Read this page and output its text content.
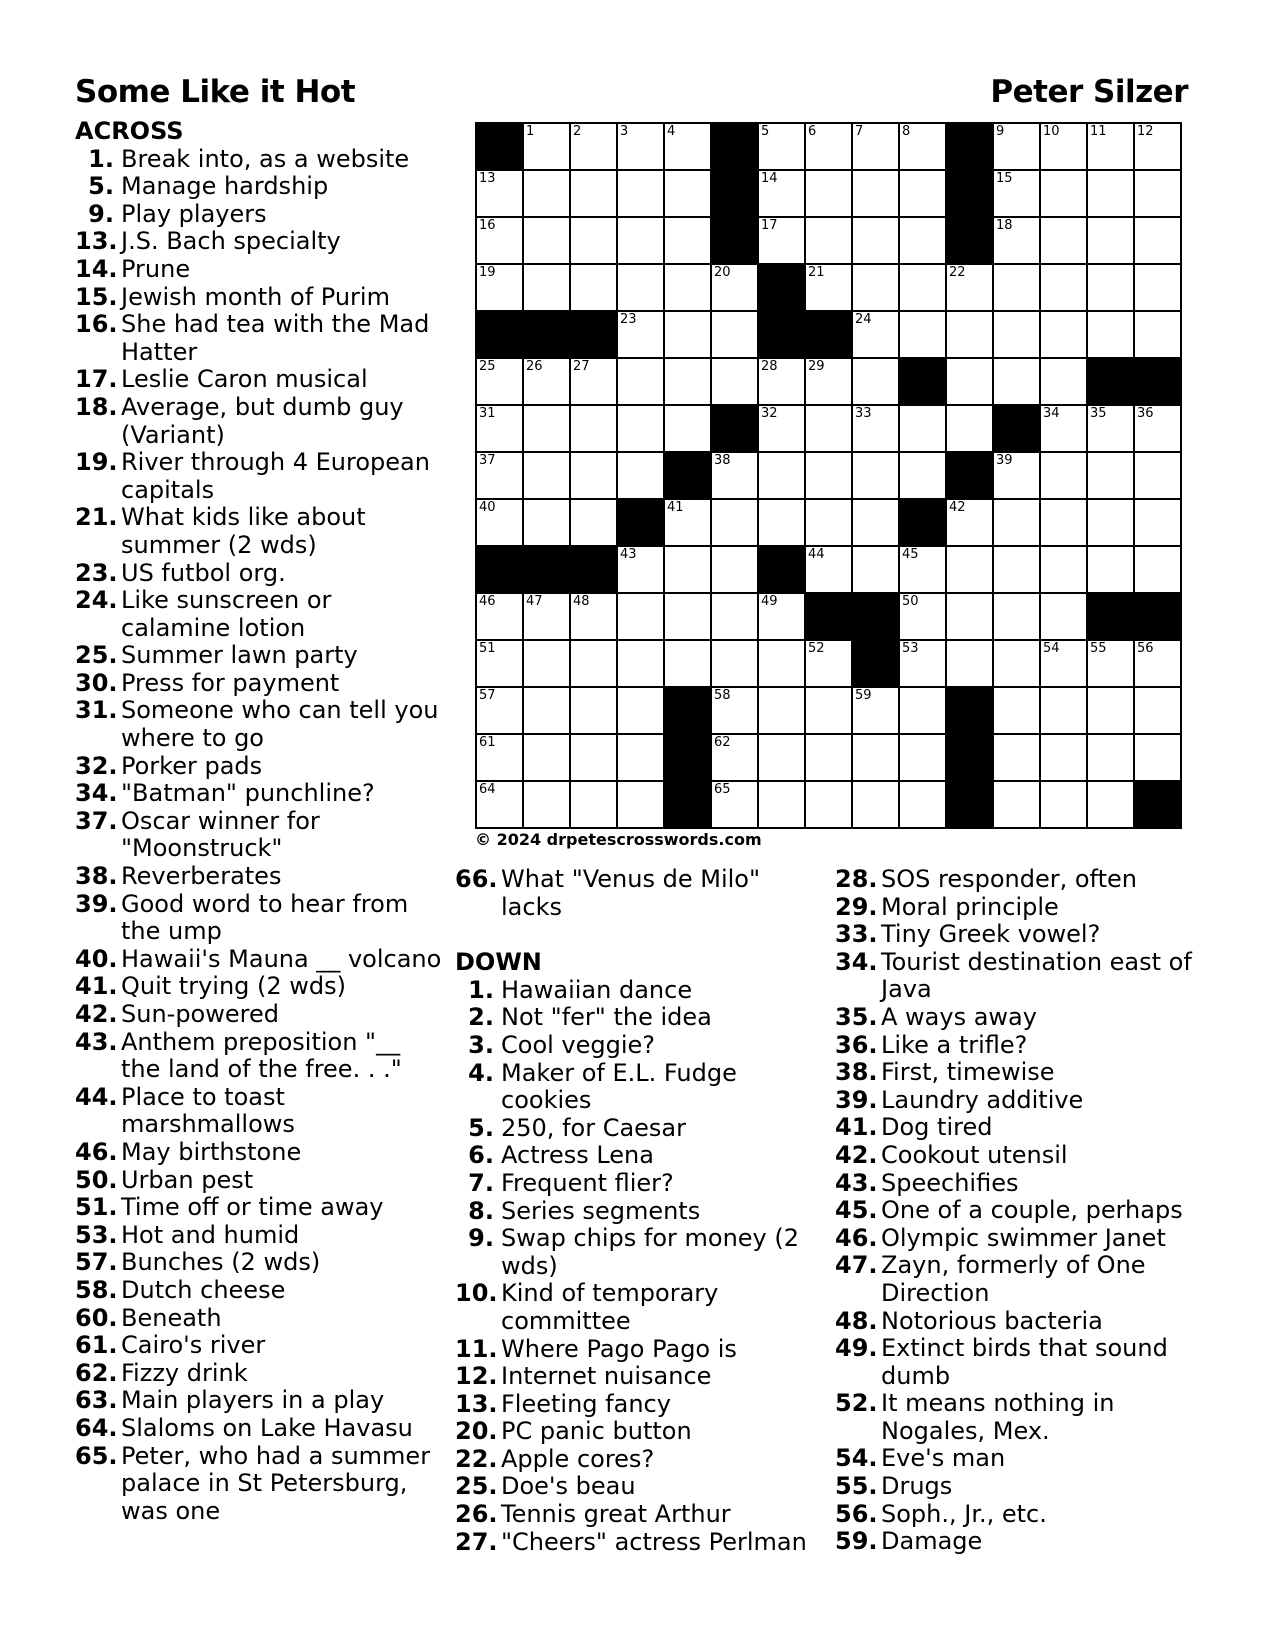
Some Like it Hot	Peter Silzer
ACROSS
1. Break into, as a website
5. Manage hardship
9. Play players
13. J.S. Bach specialty
14. Prune
15. Jewish month of Purim
16. She had tea with the Mad Hatter
17. Leslie Caron musical
18. Average, but dumb guy (Variant)
19. River through 4 European capitals
21. What kids like about summer (2 wds)
23. US futbol org.
24. Like sunscreen or calamine lotion
25. Summer lawn party
30. Press for payment
31. Someone who can tell you where to go
32. Porker pads
34. "Batman" punchline?
37. Oscar winner for "Moonstruck"
38. Reverberates
39. Good word to hear from the ump
40. Hawaii's Mauna __ volcano
41. Quit trying (2 wds)
42. Sun-powered
43. Anthem preposition "__ the land of the free. . ."
44. Place to toast marshmallows
46. May birthstone
50. Urban pest
51. Time off or time away
53. Hot and humid
57. Bunches (2 wds)
58. Dutch cheese
60. Beneath
61. Cairo's river
62. Fizzy drink
63. Main players in a play
64. Slaloms on Lake Havasu
65. Peter, who had a summer palace in St Petersburg, was one
1	2	3	4	5	6	7	8	9	10 11 12
13	14	15
16	17	18
19	20	21	22
23	24
25 26 27	28 29
31	32	33	34 35 36
37	38	39
40	41	42
43	44	45
46 47 48	49	50
51	52	53	54 55 56
57	58	59
61	62
64	65
© 2024 drpetescrosswords.com
66. What "Venus de Milo" lacks
DOWN
1. Hawaiian dance
2. Not "fer" the idea
3. Cool veggie?
4. Maker of E.L. Fudge cookies
5. 250, for Caesar
6. Actress Lena
7. Frequent flier?
8. Series segments
9. Swap chips for money (2 wds)
10. Kind of temporary committee
11. Where Pago Pago is
12. Internet nuisance
13. Fleeting fancy
20. PC panic button
22. Apple cores?
25. Doe's beau
26. Tennis great Arthur
27. "Cheers" actress Perlman
28. SOS responder, often
29. Moral principle
33. Tiny Greek vowel?
34. Tourist destination east of Java
35. A ways away
36. Like a trifle?
38. First, timewise
39. Laundry additive
41. Dog tired
42. Cookout utensil
43. Speechifies
45. One of a couple, perhaps
46. Olympic swimmer Janet
47. Zayn, formerly of One Direction
48. Notorious bacteria
49. Extinct birds that sound dumb
52. It means nothing in Nogales, Mex.
54. Eve's man
55. Drugs
56. Soph., Jr., etc.
59. Damage
